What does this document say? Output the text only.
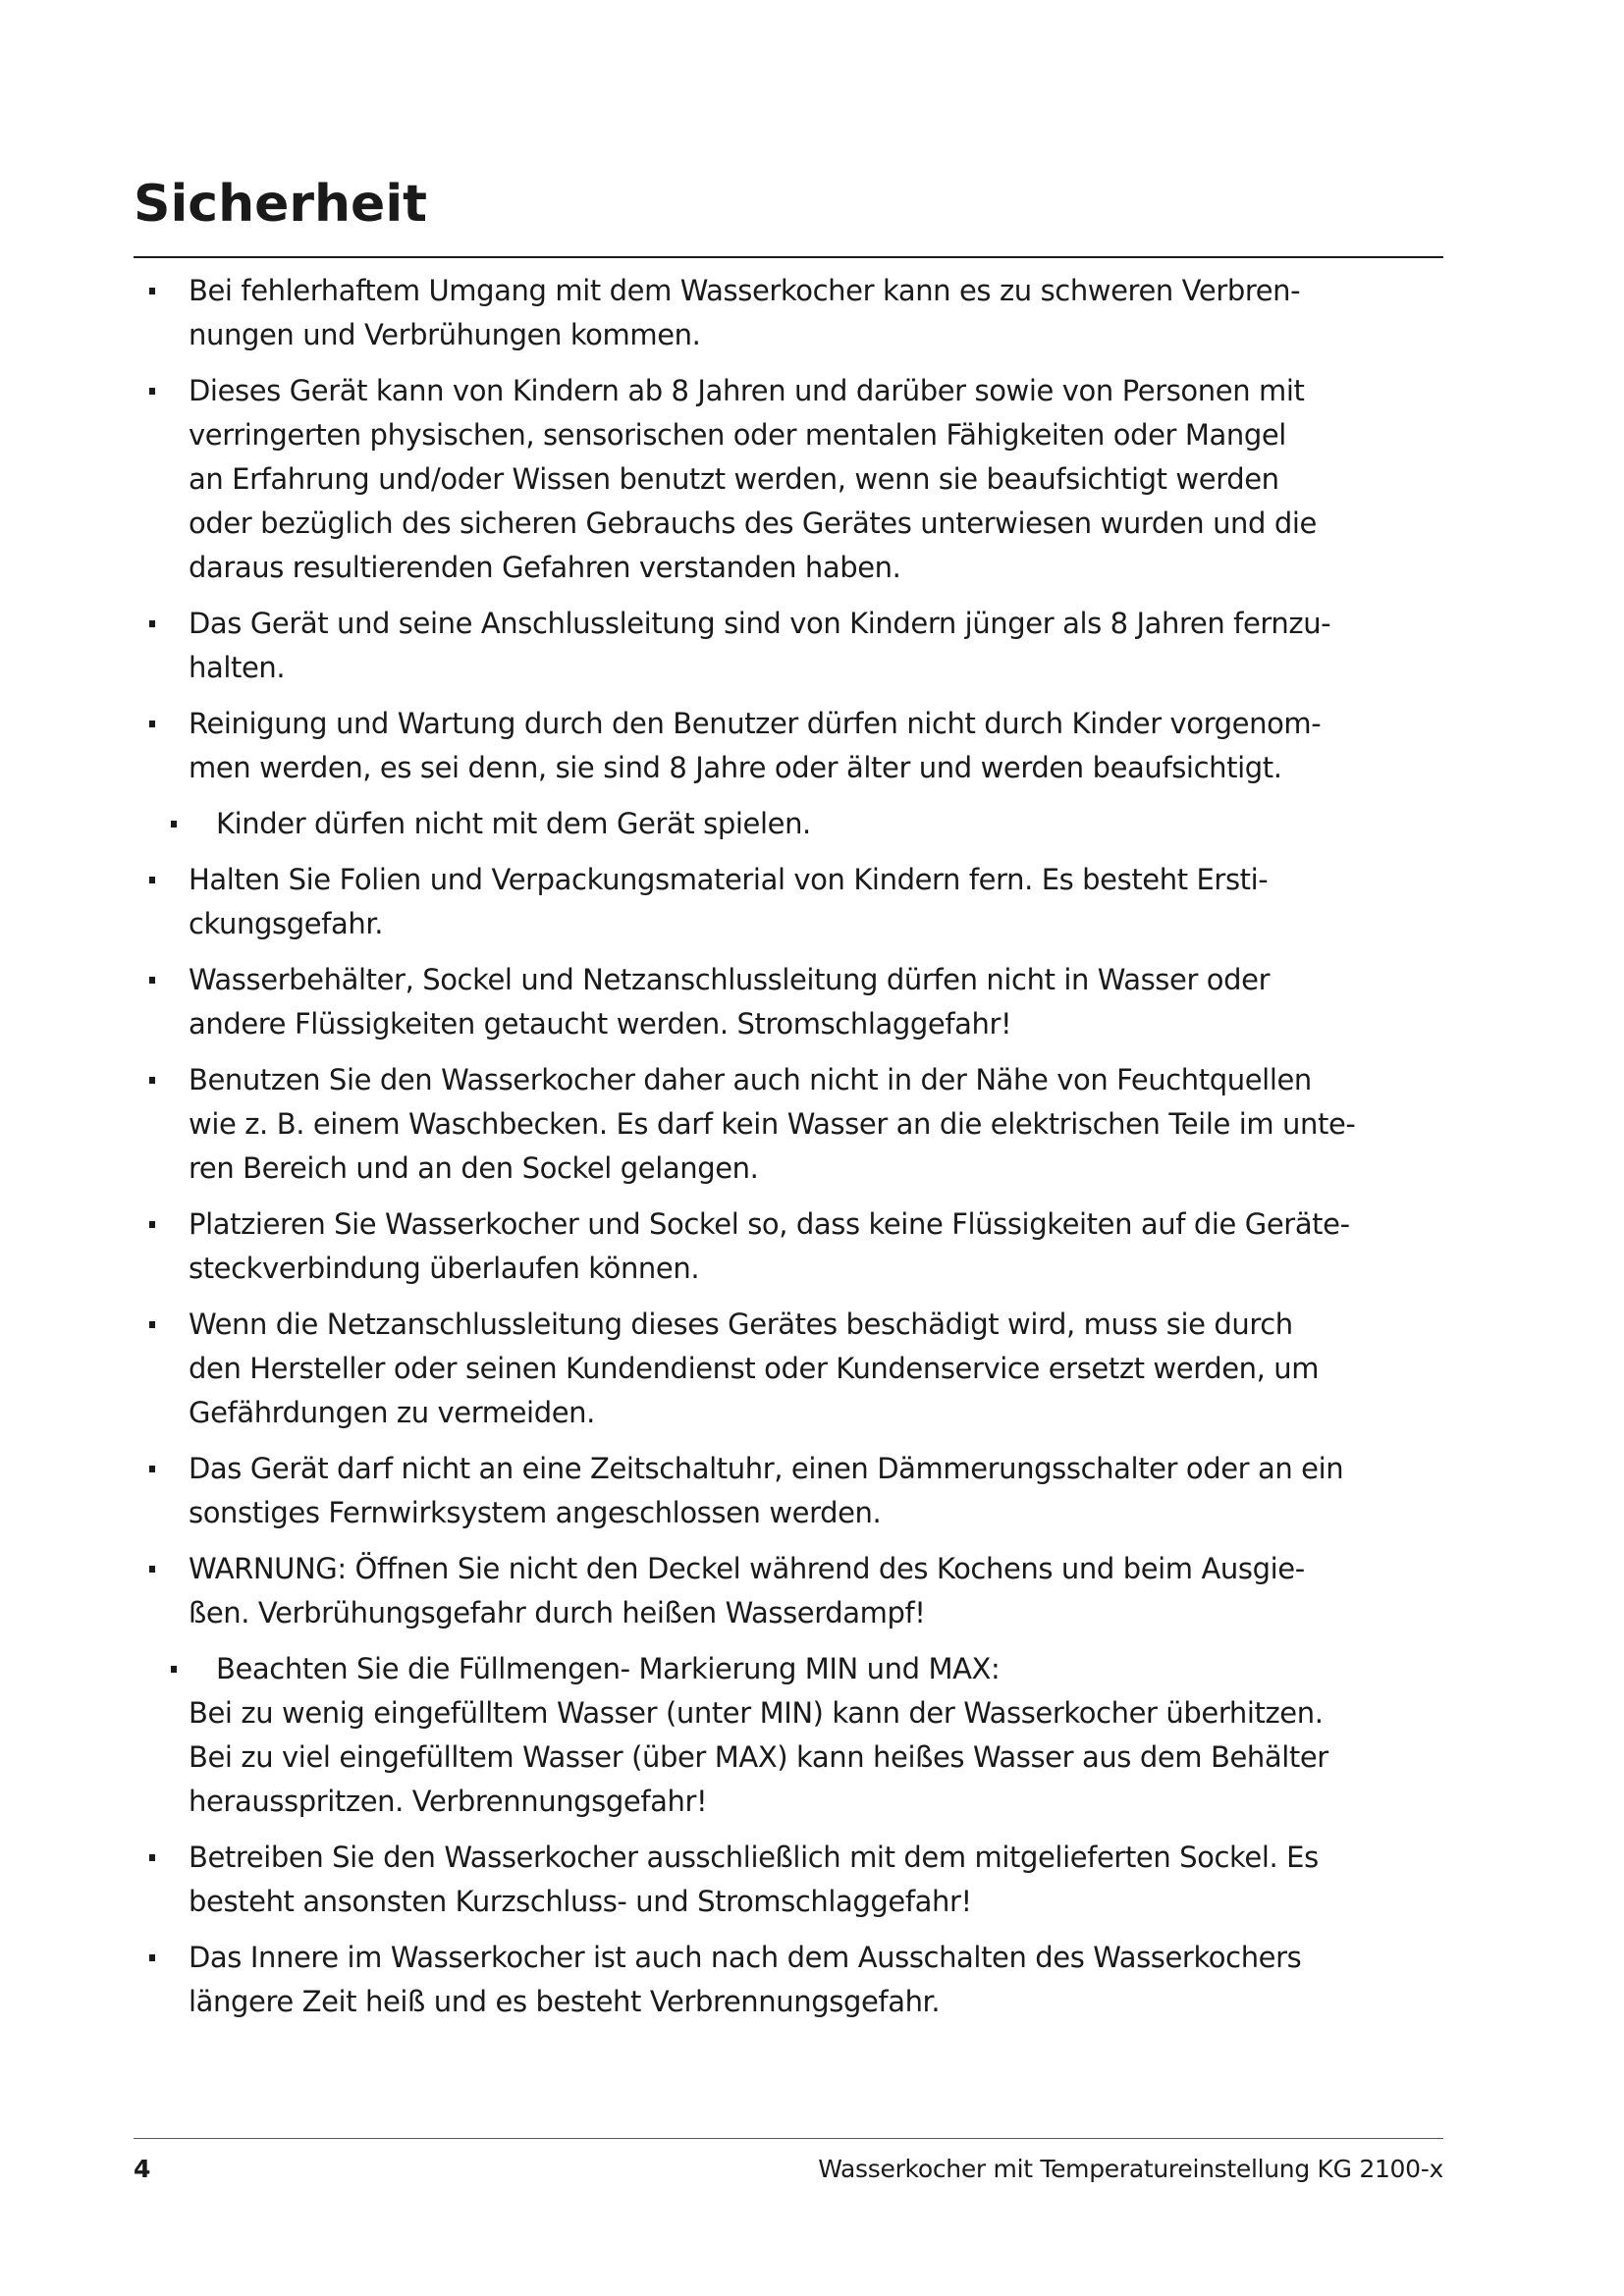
Sicherheit
Bei fehlerhaftem Umgang mit dem Wasserkocher kann es zu schweren Verbren-
nungen und Verbrühungen kommen.
Dieses Gerät kann von Kindern ab 8 Jahren und darüber sowie von Personen mit
verringerten physischen, sensorischen oder mentalen Fähigkeiten oder Mangel
an Erfahrung und/oder Wissen benutzt werden, wenn sie beaufsichtigt werden
oder bezüglich des sicheren Gebrauchs des Gerätes unterwiesen wurden und die
daraus resultierenden Gefahren verstanden haben.
Das Gerät und seine Anschlussleitung sind von Kindern jünger als 8 Jahren fernzu-
halten.
Reinigung und Wartung durch den Benutzer dürfen nicht durch Kinder vorgenom-
men werden, es sei denn, sie sind 8 Jahre oder älter und werden beaufsichtigt.
Kinder dürfen nicht mit dem Gerät spielen.
Halten Sie Folien und Verpackungsmaterial von Kindern fern. Es besteht Ersti-
ckungsgefahr.
Wasserbehälter, Sockel und Netzanschlussleitung dürfen nicht in Wasser oder
andere Flüssigkeiten getaucht werden. Stromschlaggefahr!
Benutzen Sie den Wasserkocher daher auch nicht in der Nähe von Feuchtquellen
wie z. B. einem Waschbecken. Es darf kein Wasser an die elektrischen Teile im unte-
ren Bereich und an den Sockel gelangen.
Platzieren Sie Wasserkocher und Sockel so, dass keine Flüssigkeiten auf die Geräte-
steckverbindung überlaufen können.
Wenn die Netzanschlussleitung dieses Gerätes beschädigt wird, muss sie durch
den Hersteller oder seinen Kundendienst oder Kundenservice ersetzt werden, um
Gefährdungen zu vermeiden.
Das Gerät darf nicht an eine Zeitschaltuhr, einen Dämmerungsschalter oder an ein
sonstiges Fernwirksystem angeschlossen werden.
WARNUNG: Öffnen Sie nicht den Deckel während des Kochens und beim Ausgie-
ßen. Verbrühungsgefahr durch heißen Wasserdampf!
Beachten Sie die Füllmengen- Markierung MIN und MAX:
Bei zu wenig eingefülltem Wasser (unter MIN) kann der Wasserkocher überhitzen.
Bei zu viel eingefülltem Wasser (über MAX) kann heißes Wasser aus dem Behälter
herausspritzen. Verbrennungsgefahr!
Betreiben Sie den Wasserkocher ausschließlich mit dem mitgelieferten Sockel. Es
besteht ansonsten Kurzschluss- und Stromschlaggefahr!
Das Innere im Wasserkocher ist auch nach dem Ausschalten des Wasserkochers
längere Zeit heiß und es besteht Verbrennungsgefahr.
4	Wasserkocher mit Temperatureinstellung KG 2100-x
